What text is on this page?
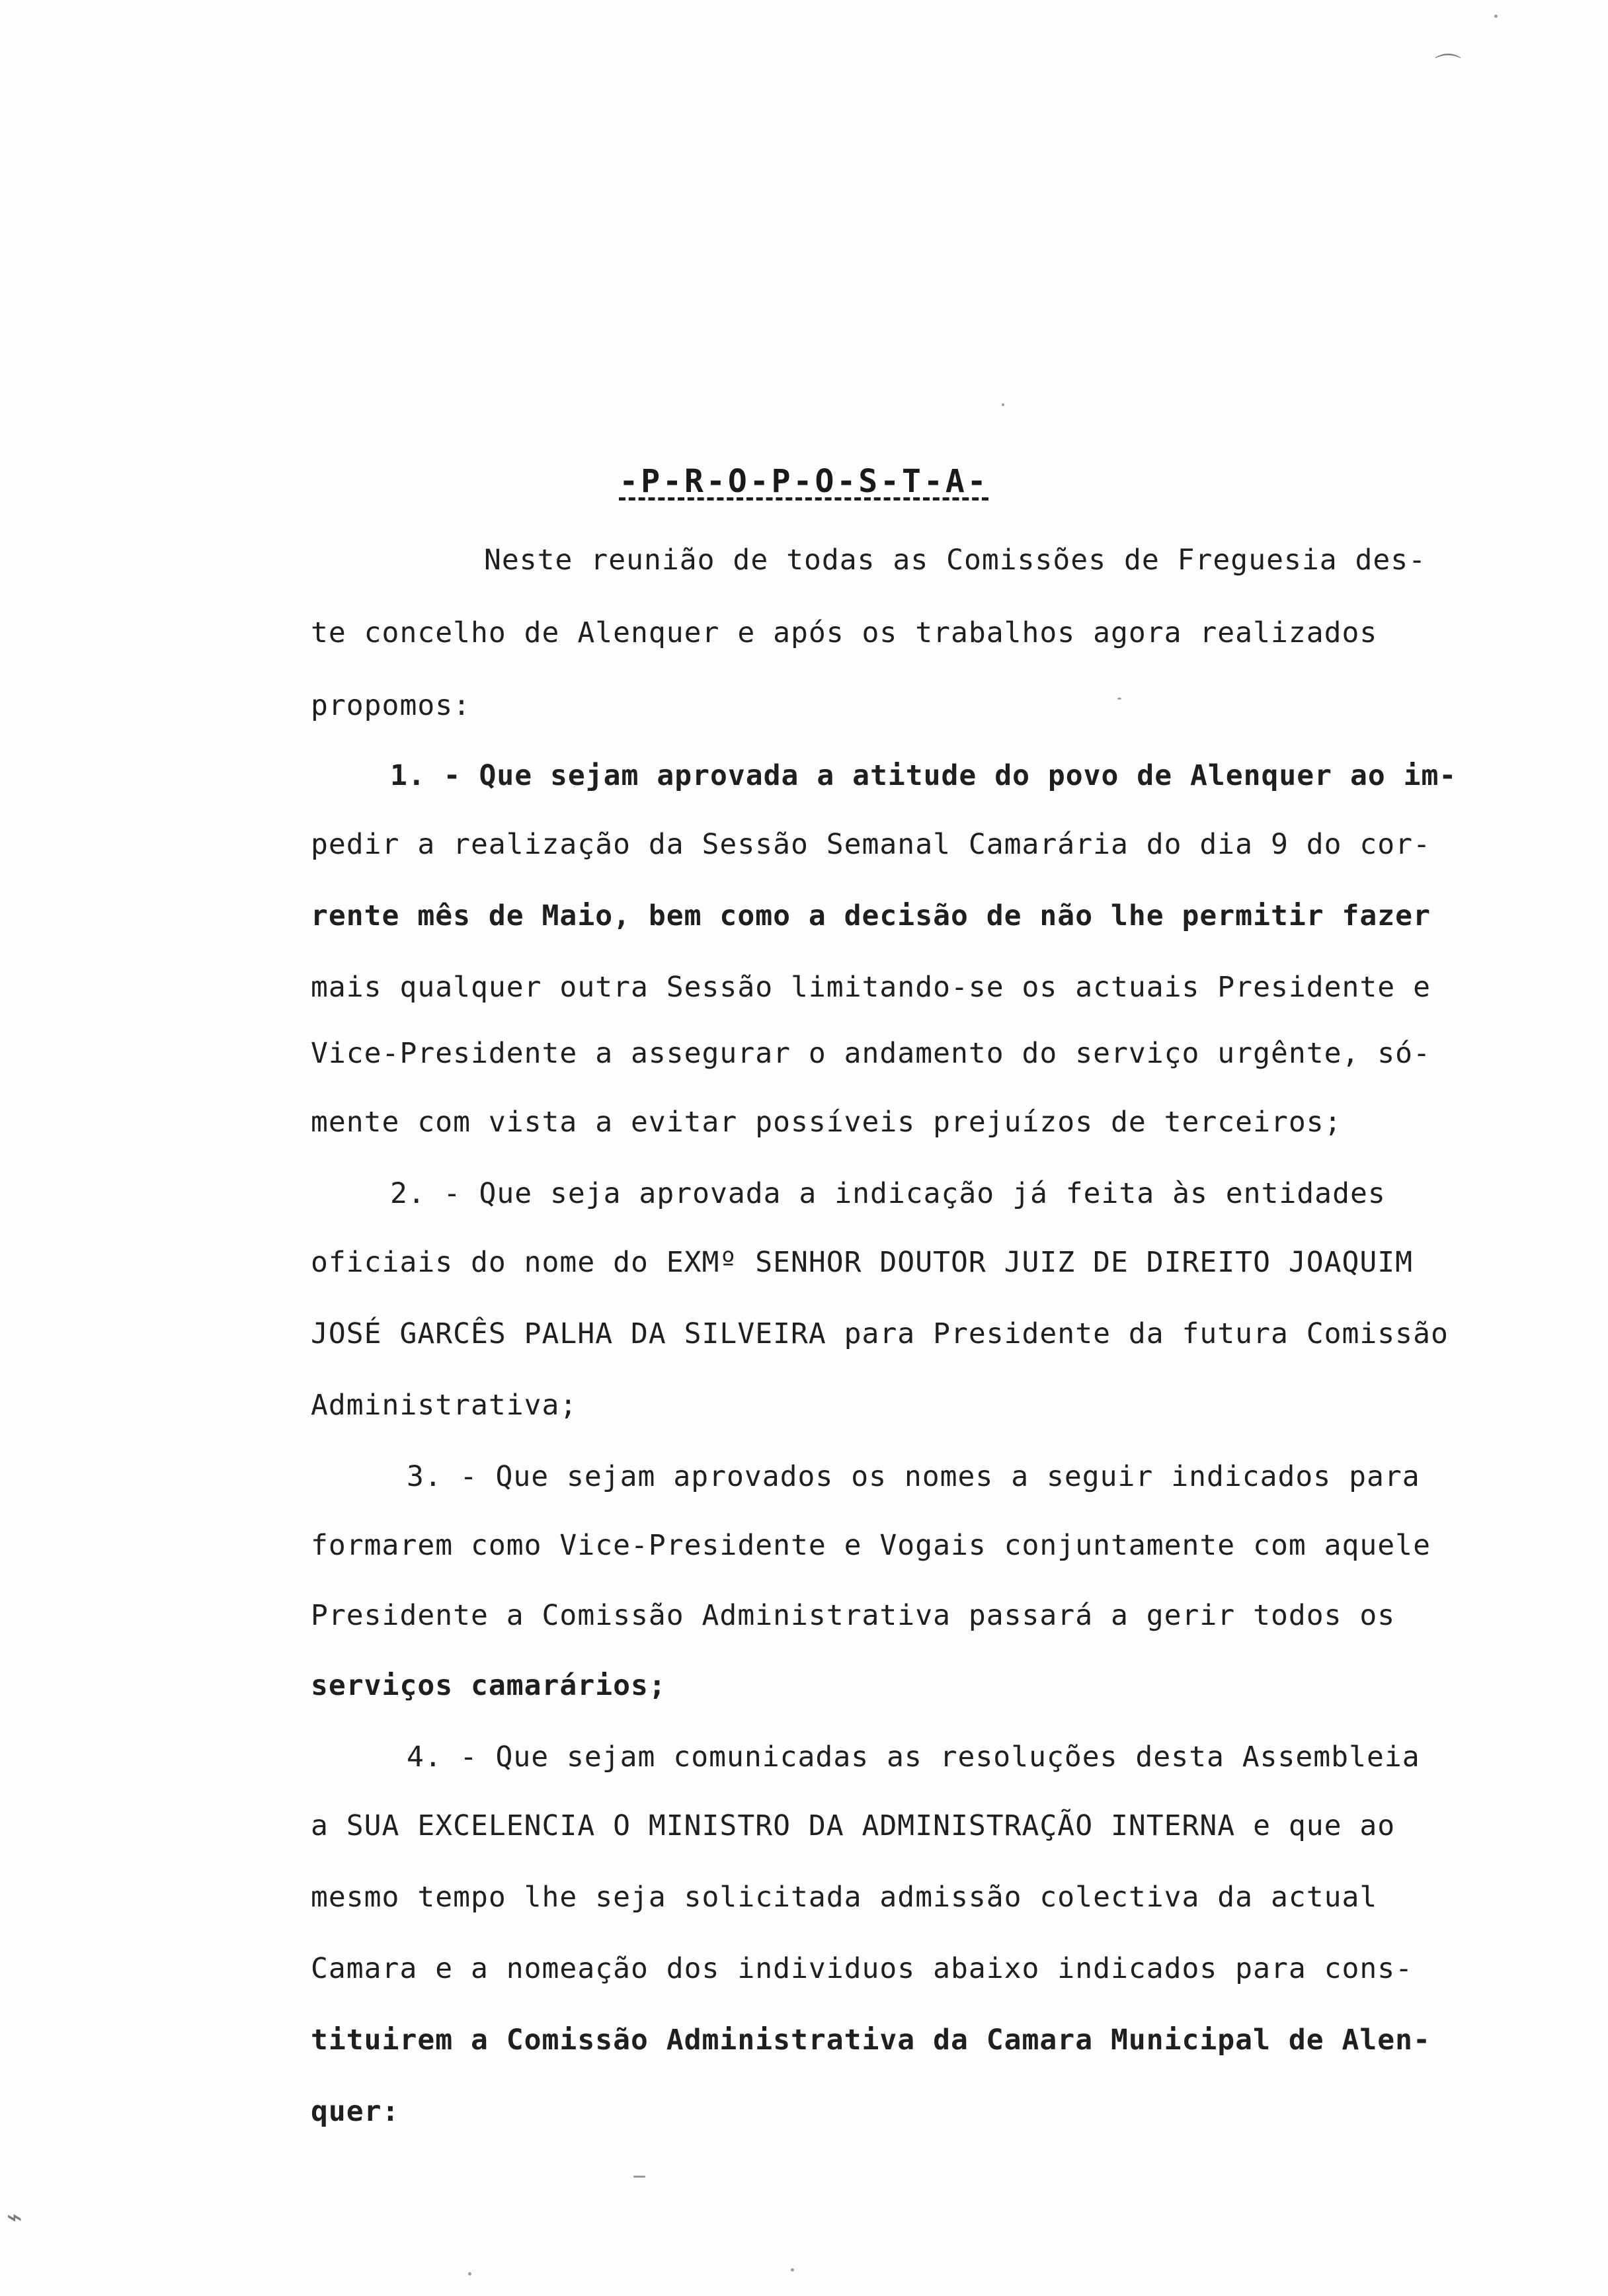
-P-R-O-P-O-S-T-A-
Neste reunião de todas as Comissões de Freguesia des-
te concelho de Alenquer e após os trabalhos agora realizados
propomos:
1. - Que sejam aprovada a atitude do povo de Alenquer ao im-
pedir a realização da Sessão Semanal Camarária do dia 9 do cor-
rente mês de Maio, bem como a decisão de não lhe permitir fazer
mais qualquer outra Sessão limitando-se os actuais Presidente e
Vice-Presidente a assegurar o andamento do serviço urgênte, só-
mente com vista a evitar possíveis prejuízos de terceiros;
2. - Que seja aprovada a indicação já feita às entidades
oficiais do nome do EXMº SENHOR DOUTOR JUIZ DE DIREITO JOAQUIM
JOSÉ GARCÊS PALHA DA SILVEIRA para Presidente da futura Comissão
Administrativa;
3. - Que sejam aprovados os nomes a seguir indicados para
formarem como Vice-Presidente e Vogais conjuntamente com aquele
Presidente a Comissão Administrativa passará a gerir todos os
serviços camarários;
4. - Que sejam comunicadas as resoluções desta Assembleia
a SUA EXCELENCIA O MINISTRO DA ADMINISTRAÇÃO INTERNA e que ao
mesmo tempo lhe seja solicitada admissão colectiva da actual
Camara e a nomeação dos individuos abaixo indicados para cons-
tituirem a Comissão Administrativa da Camara Municipal de Alen-
quer:
⌒
⌁
